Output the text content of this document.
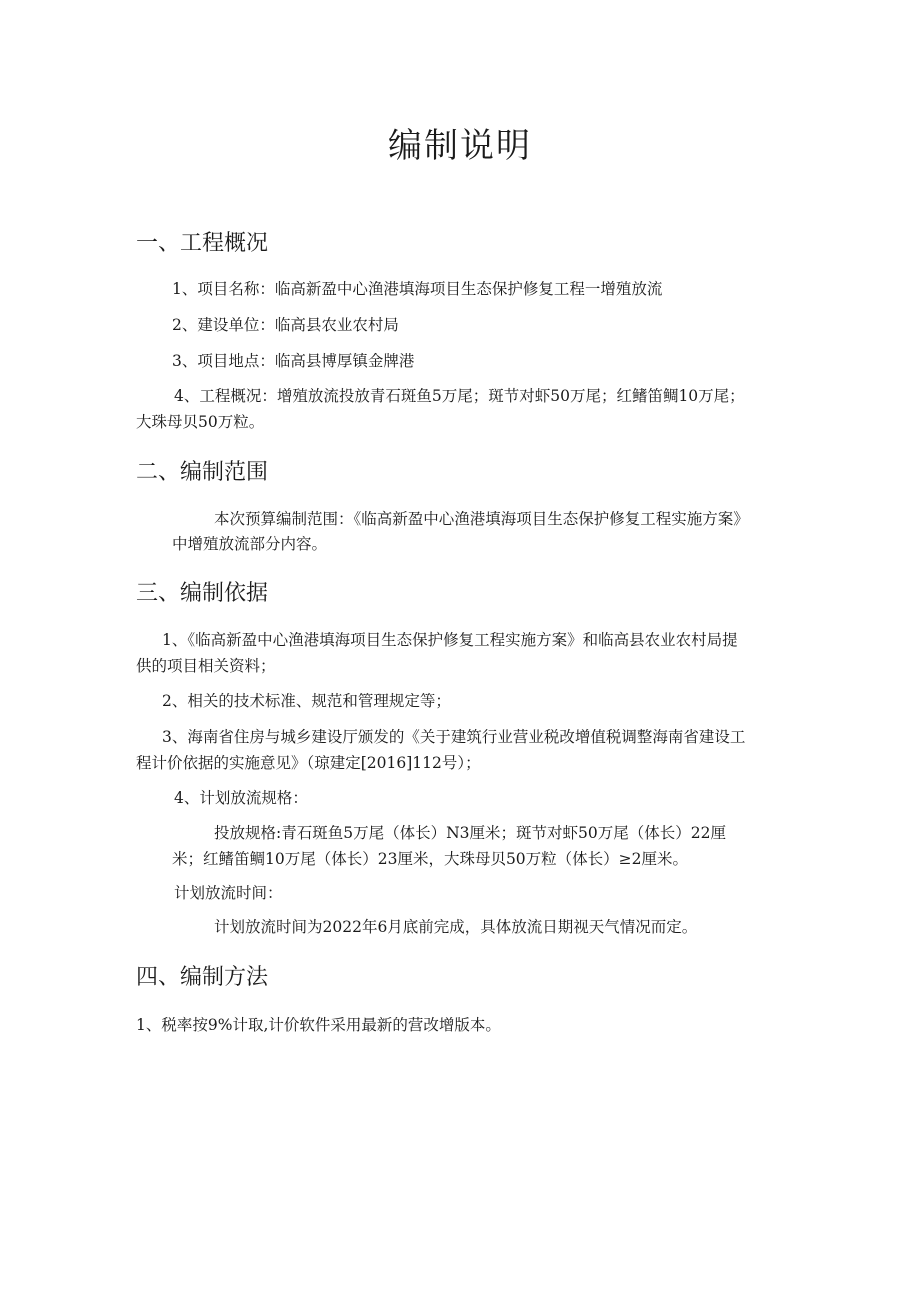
编制说明
一、工程概况

1、项目名称：临高新盈中心渔港填海项目生态保护修复工程一增殖放流

2、建设单位：临高县农业农村局

3、项目地点：临高县博厚镇金牌港

4、工程概况：增殖放流投放青石斑鱼5万尾；斑节对虾50万尾；红鳍笛鲷10万尾；

大珠母贝50万粒。

二、编制范围

本次预算编制范围：《临高新盈中心渔港填海项目生态保护修复工程实施方案》

中增殖放流部分内容。

三、编制依据

1、《临高新盈中心渔港填海项目生态保护修复工程实施方案》和临高县农业农村局提

供的项目相关资料；

2、相关的技术标准、规范和管理规定等；

3、海南省住房与城乡建设厅颁发的《关于建筑行业营业税改增值税调整海南省建设工

程计价依据的实施意见》（琼建定[2016]112号）；

4、计划放流规格：

投放规格:青石斑鱼5万尾（体长）N3厘米；斑节对虾50万尾（体长）22厘

米；红鳍笛鲷10万尾（体长）23厘米，大珠母贝50万粒（体长）≥2厘米。

计划放流时间：

计划放流时间为2022年6月底前完成，具体放流日期视天气情况而定。

四、编制方法

1、税率按9%计取,计价软件采用最新的营改增版本。
